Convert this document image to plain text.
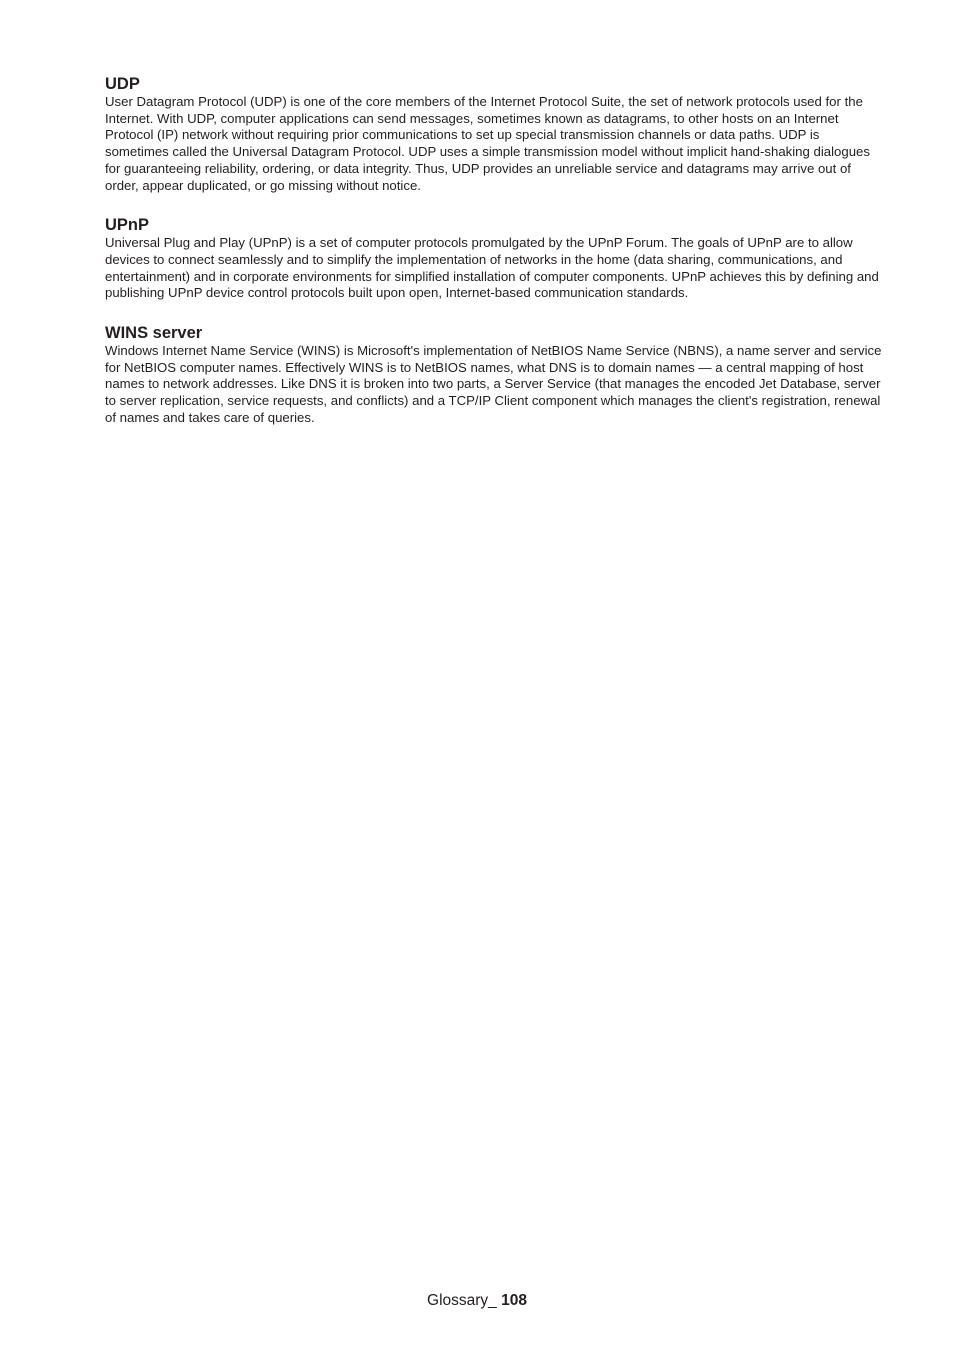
UDP

User Datagram Protocol (UDP) is one of the core members of the Internet Protocol Suite, the set of network protocols used for the Internet. With UDP, computer applications can send messages, sometimes known as datagrams, to other hosts on an Internet Protocol (IP) network without requiring prior communications to set up special transmission channels or data paths. UDP is sometimes called the Universal Datagram Protocol. UDP uses a simple transmission model without implicit hand-shaking dialogues for guaranteeing reliability, ordering, or data integrity. Thus, UDP provides an unreliable service and datagrams may arrive out of order, appear duplicated, or go missing without notice.

UPnP

Universal Plug and Play (UPnP) is a set of computer protocols promulgated by the UPnP Forum. The goals of UPnP are to allow devices to connect seamlessly and to simplify the implementation of networks in the home (data sharing, communications, and entertainment) and in corporate environments for simplified installation of computer components. UPnP achieves this by defining and publishing UPnP device control protocols built upon open, Internet-based communication standards.

WINS server

Windows Internet Name Service (WINS) is Microsoft's implementation of NetBIOS Name Service (NBNS), a name server and service for NetBIOS computer names. Effectively WINS is to NetBIOS names, what DNS is to domain names — a central mapping of host names to network addresses. Like DNS it is broken into two parts, a Server Service (that manages the encoded Jet Database, server to server replication, service requests, and conflicts) and a TCP/IP Client component which manages the client's registration, renewal of names and takes care of queries.

Glossary_ 108
